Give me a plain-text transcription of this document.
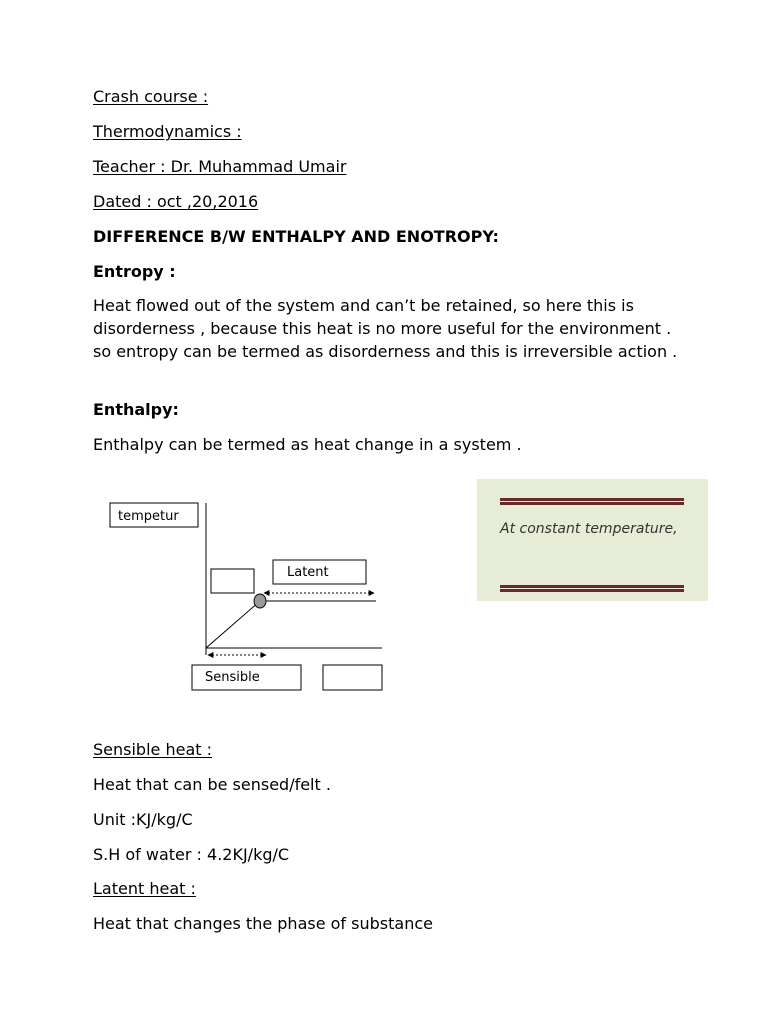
Crash course :

Thermodynamics :

Teacher : Dr. Muhammad Umair

Dated : oct ,20,2016

DIFFERENCE B/W ENTHALPY AND ENOTROPY:

Entropy :

Heat flowed out of the system and can’t be retained, so here this is disorderness , because this heat is no more useful for the environment . so entropy can be termed as disorderness and this is irreversible action .

Enthalpy:

Enthalpy can be termed as heat change in a system .

tempetur
Latent
Sensible
At constant temperature,

Sensible heat :

Heat that can be sensed/felt .

Unit :KJ/kg/C

S.H of water : 4.2KJ/kg/C

Latent heat :

Heat that changes the phase of substance
